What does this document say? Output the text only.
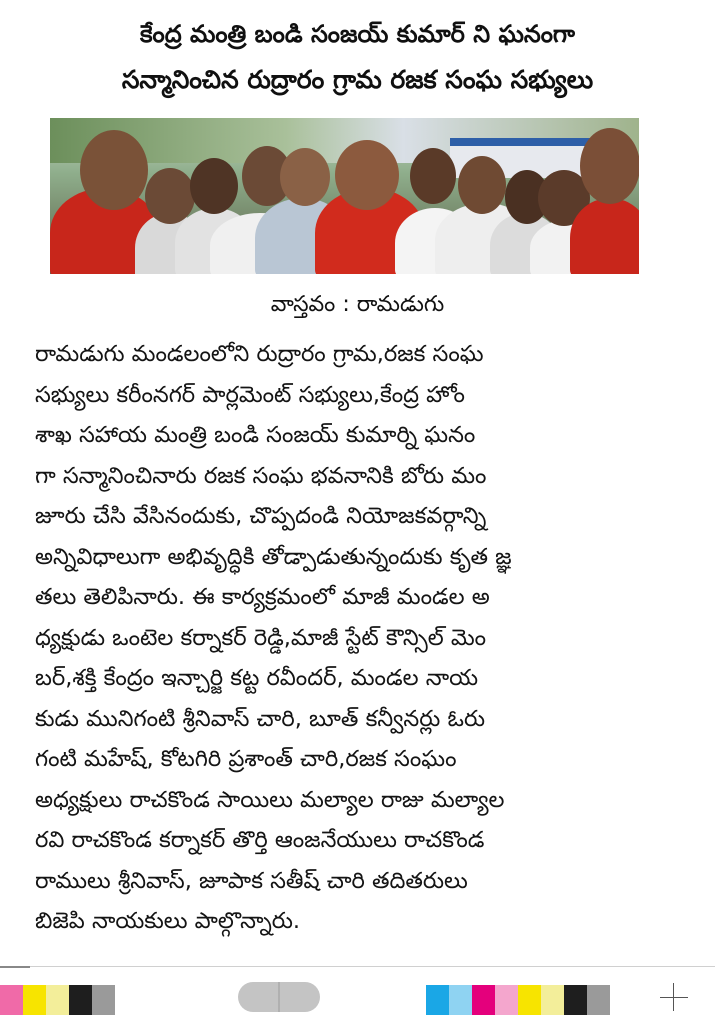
కేంద్ర మంత్రి బండి సంజయ్ కుమార్ ని ఘనంగా
సన్మానించిన రుద్రారం గ్రామ రజక సంఘ సభ్యులు
వాస్తవం : రామడుగు
రామడుగు మండలంలోని రుద్రారం గ్రామ,రజక సంఘ
సభ్యులు కరీంనగర్ పార్లమెంట్ సభ్యులు,కేంద్ర హోం
శాఖ సహాయ మంత్రి బండి సంజయ్ కుమార్ని ఘనం
గా సన్మానించినారు రజక సంఘ భవనానికి బోరు మం
జూరు చేసి వేసినందుకు, చొప్పదండి నియోజకవర్గాన్ని
అన్నివిధాలుగా అభివృద్ధికి తోడ్పాడుతున్నందుకు కృత జ్ఞ
తలు తెలిపినారు. ఈ కార్యక్రమంలో మాజీ మండల అ
ధ్యక్షుడు ఒంటెల కర్నాకర్ రెడ్డి,మాజీ స్టేట్ కౌన్సిల్ మెం
బర్,శక్తి కేంద్రం ఇన్చార్జి కట్ట రవీందర్, మండల నాయ
కుడు మునిగంటి శ్రీనివాస్ చారి, బూత్ కన్వీనర్లు ఓరు
గంటి మహేష్, కోటగిరి ప్రశాంత్ చారి,రజక సంఘం
అధ్యక్షులు రాచకొండ సాయిలు మల్యాల రాజు మల్యాల
రవి రాచకొండ కర్నాకర్ తొర్తి ఆంజనేయులు రాచకొండ
రాములు శ్రీనివాస్, జూపాక సతీష్ చారి తదితరులు
బిజెపి నాయకులు పాల్గొన్నారు.
